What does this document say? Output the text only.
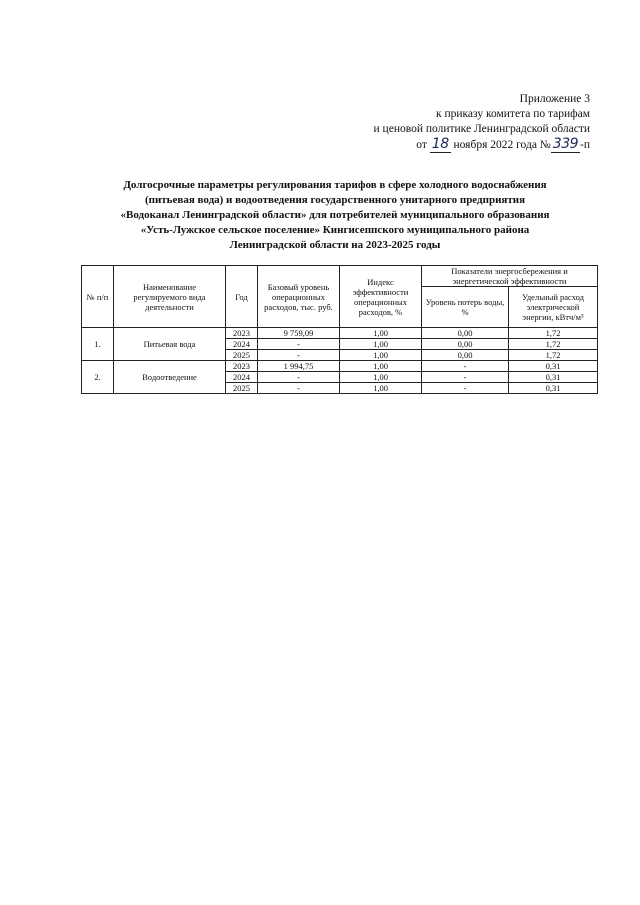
Приложение 3
к приказу комитета по тарифам
и ценовой политике Ленинградской области
от 18 ноября 2022 года № 339 -п
Долгосрочные параметры регулирования тарифов в сфере холодного водоснабжения
(питьевая вода) и водоотведения государственного унитарного предприятия
«Водоканал Ленинградской области» для потребителей муниципального образования
«Усть-Лужское сельское поселение» Кингисеппского муниципального района
Ленинградской области на 2023-2025 годы
№ п/п	Наименование регулируемого вида деятельности	Год	Базовый уровень операционных расходов, тыс. руб.	Индекс эффективности операционных расходов, %	Показатели энергосбережения и энергетической эффективности	
					Уровень потерь воды, %	Удельный расход электрической энергии, кВтч/м³
1.	Питьевая вода	2023	9 759,09	1,00	0,00	1,72
		2024	-	1,00	0,00	1,72
		2025	-	1,00	0,00	1,72
2.	Водоотведение	2023	1 994,75	1,00	-	0,31
		2024	-	1,00	-	0,31
		2025	-	1,00	-	0,31
